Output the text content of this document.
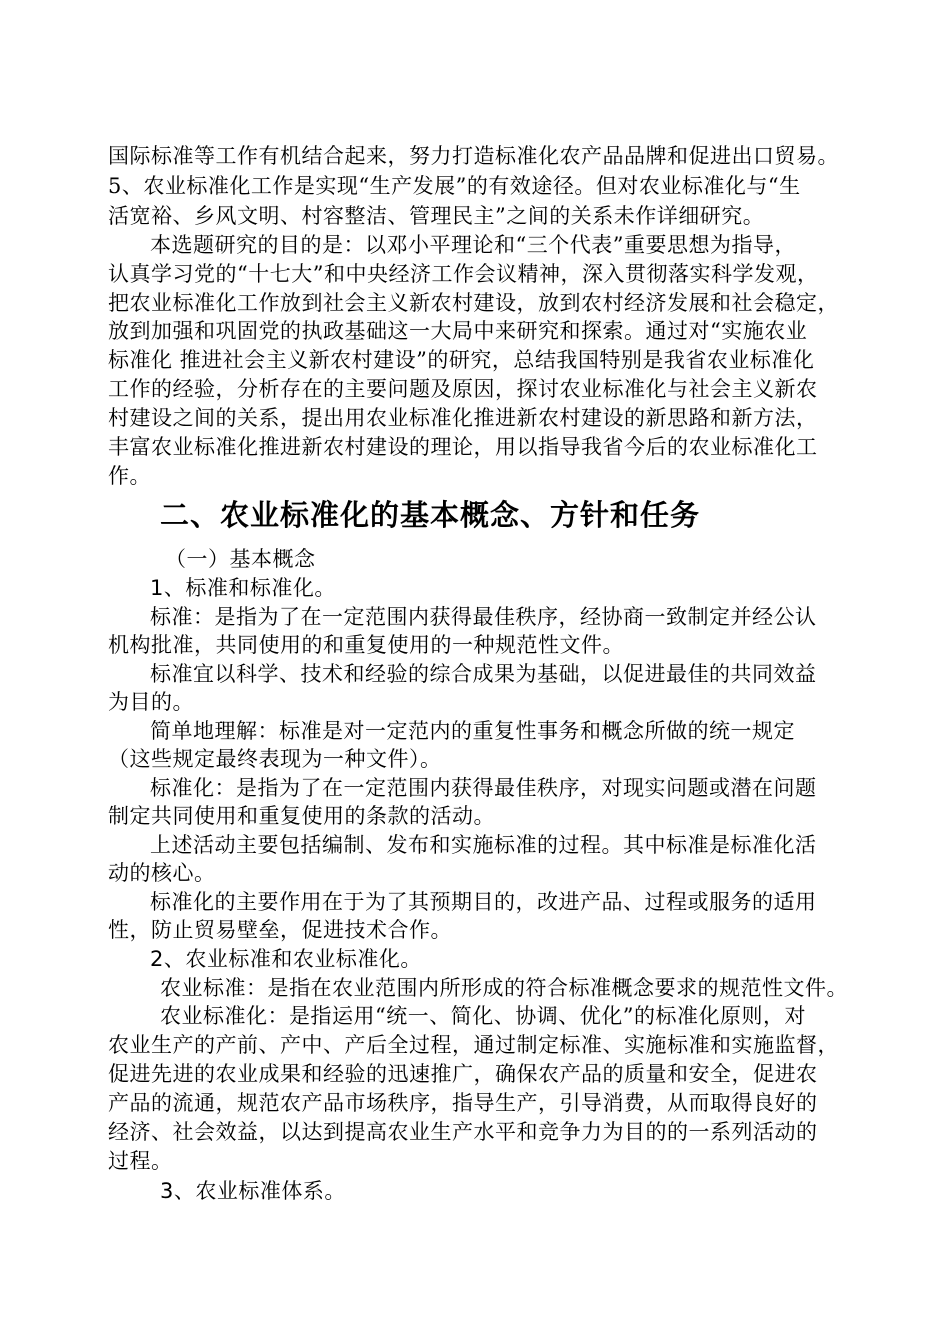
国际标准等工作有机结合起来，努力打造标准化农产品品牌和促进出口贸易。
5、农业标准化工作是实现“生产发展”的有效途径。但对农业标准化与“生
活宽裕、乡风文明、村容整洁、管理民主”之间的关系未作详细研究。
本选题研究的目的是：以邓小平理论和“三个代表”重要思想为指导，
认真学习党的“十七大”和中央经济工作会议精神，深入贯彻落实科学发观，
把农业标准化工作放到社会主义新农村建设，放到农村经济发展和社会稳定，
放到加强和巩固党的执政基础这一大局中来研究和探索。通过对“实施农业
标准化 推进社会主义新农村建设”的研究，总结我国特别是我省农业标准化
工作的经验，分析存在的主要问题及原因，探讨农业标准化与社会主义新农
村建设之间的关系，提出用农业标准化推进新农村建设的新思路和新方法，
丰富农业标准化推进新农村建设的理论，用以指导我省今后的农业标准化工
作。
二、农业标准化的基本概念、方针和任务
（一）基本概念
1、标准和标准化。
标准：是指为了在一定范围内获得最佳秩序，经协商一致制定并经公认
机构批准，共同使用的和重复使用的一种规范性文件。
标准宜以科学、技术和经验的综合成果为基础，以促进最佳的共同效益
为目的。
简单地理解：标准是对一定范内的重复性事务和概念所做的统一规定
（这些规定最终表现为一种文件）。
标准化：是指为了在一定范围内获得最佳秩序，对现实问题或潜在问题
制定共同使用和重复使用的条款的活动。
上述活动主要包括编制、发布和实施标准的过程。其中标准是标准化活
动的核心。
标准化的主要作用在于为了其预期目的，改进产品、过程或服务的适用
性，防止贸易壁垒，促进技术合作。
2、农业标准和农业标准化。
农业标准：是指在农业范围内所形成的符合标准概念要求的规范性文件。
农业标准化：是指运用“统一、简化、协调、优化”的标准化原则，对
农业生产的产前、产中、产后全过程，通过制定标准、实施标准和实施监督，
促进先进的农业成果和经验的迅速推广，确保农产品的质量和安全，促进农
产品的流通，规范农产品市场秩序，指导生产，引导消费，从而取得良好的
经济、社会效益，以达到提高农业生产水平和竞争力为目的的一系列活动的
过程。
3、农业标准体系。
